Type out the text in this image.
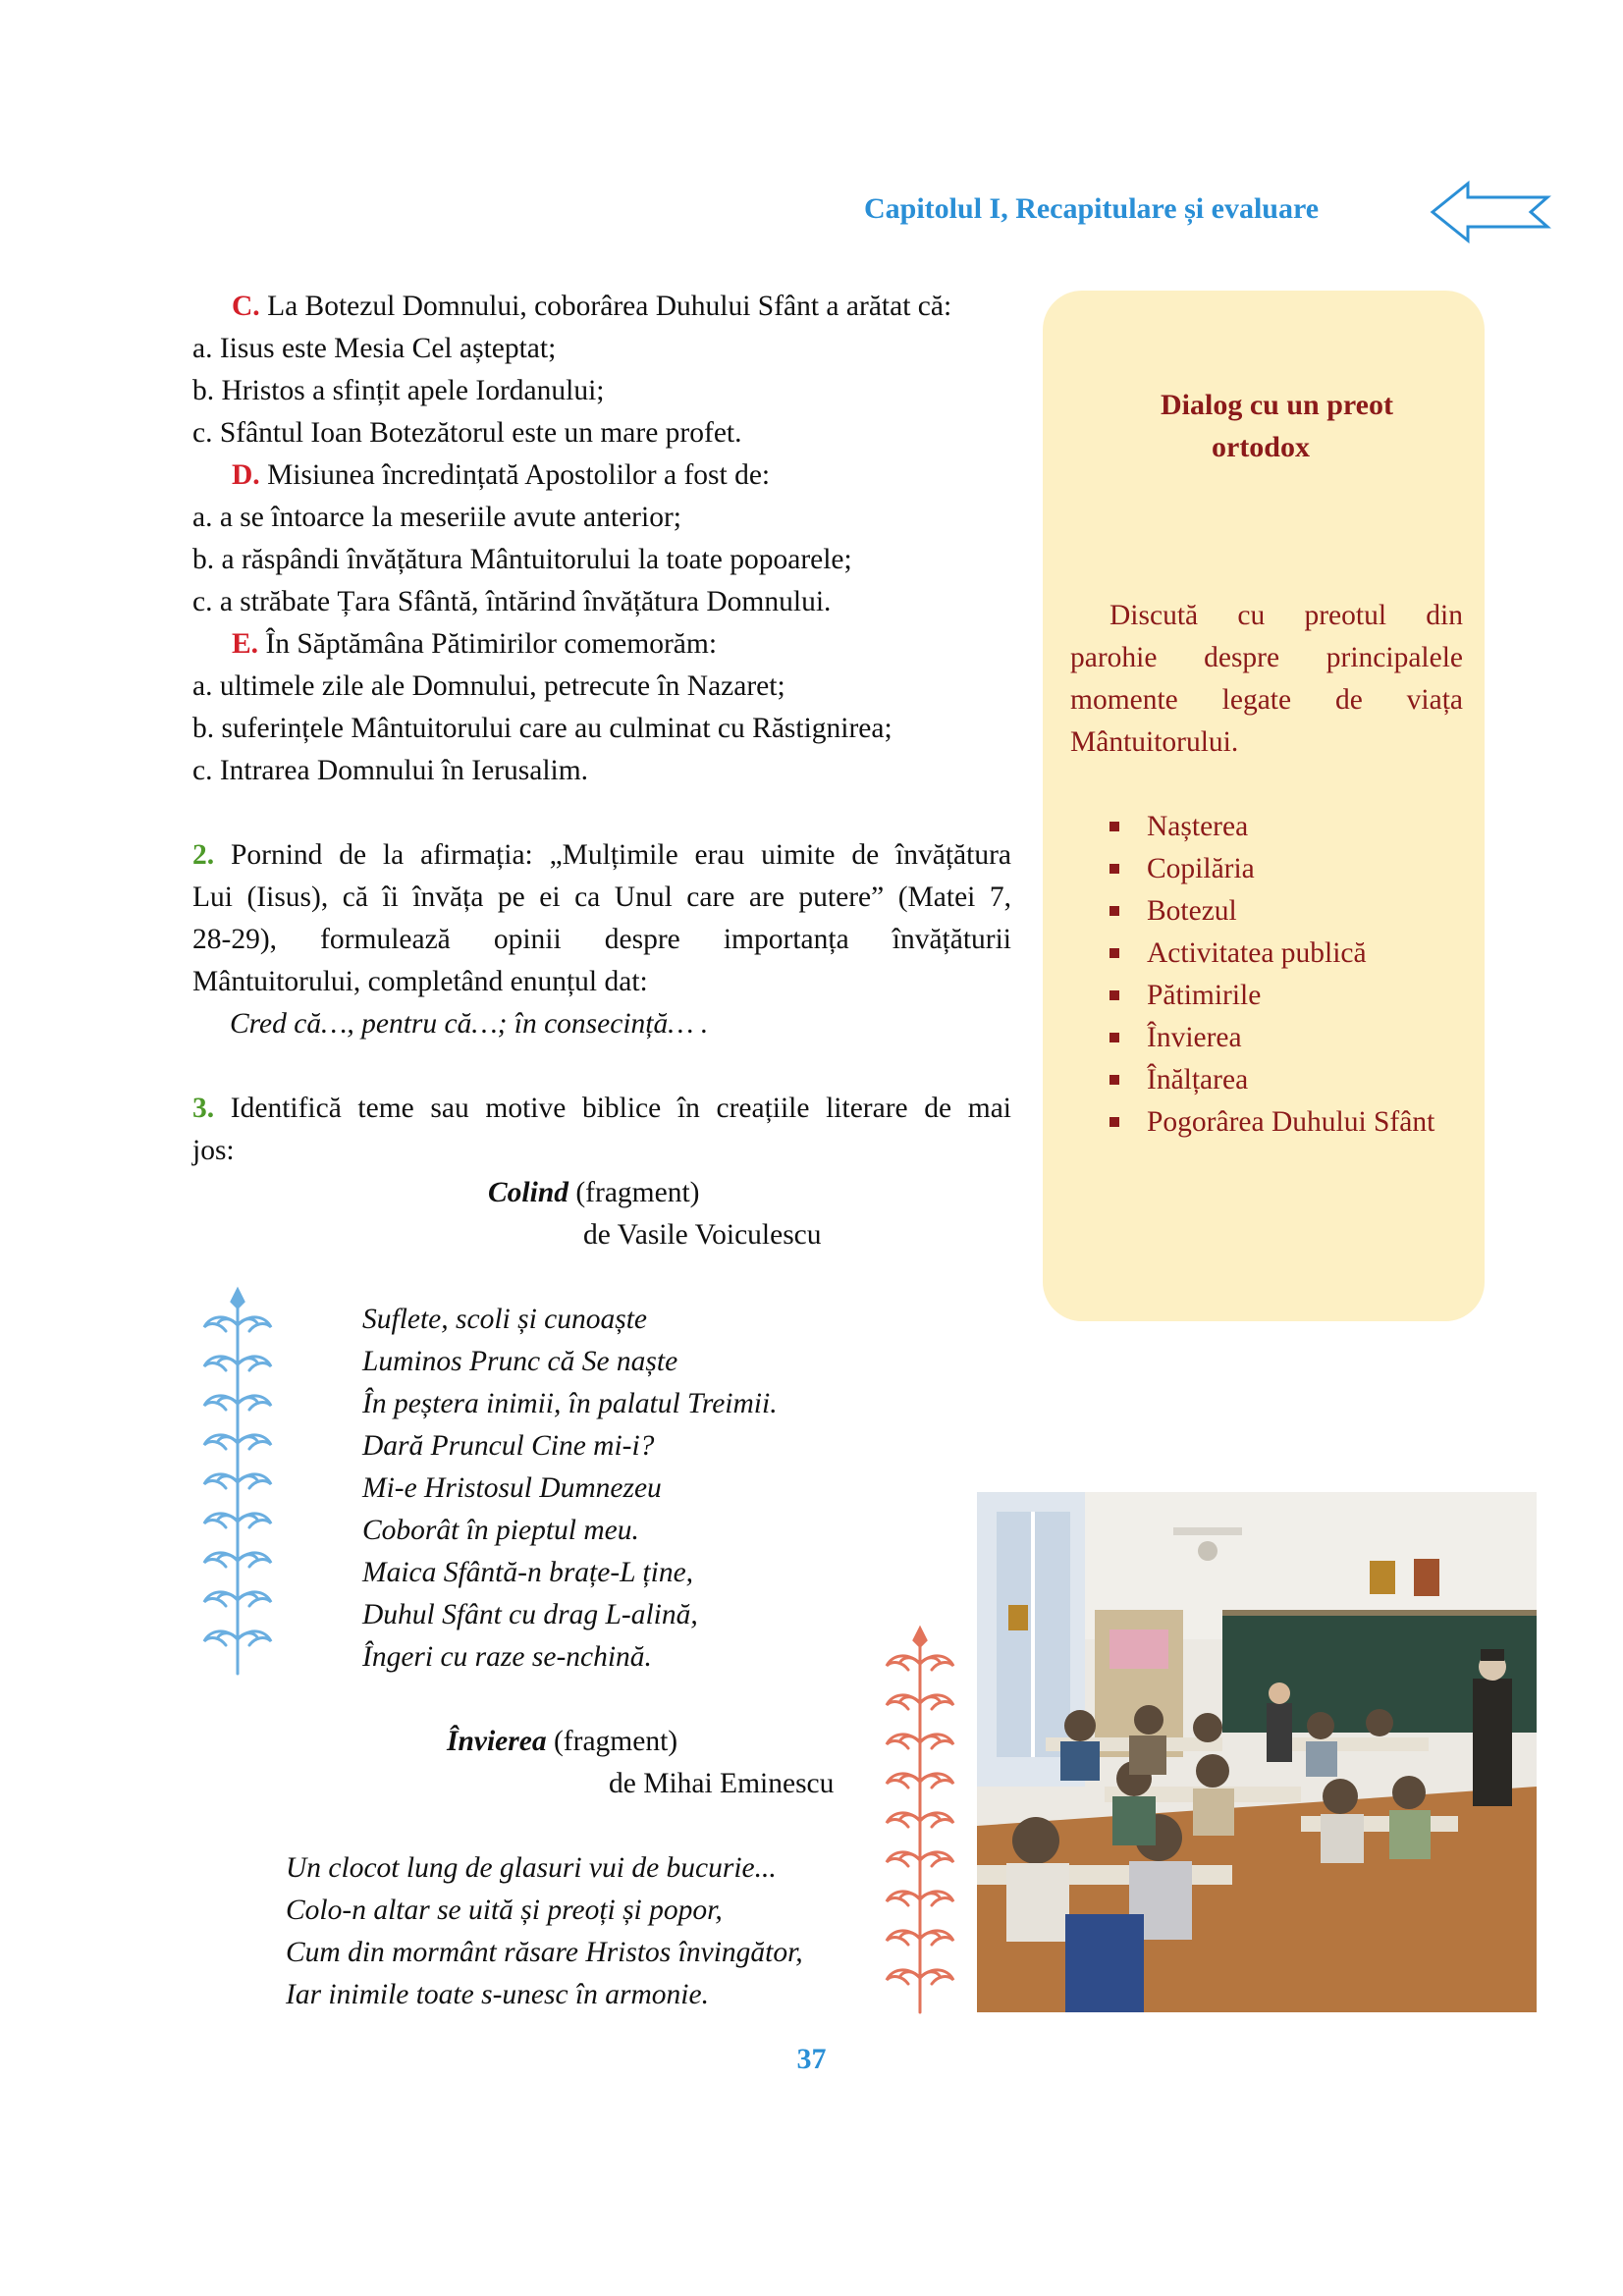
Capitolul I, Recapitulare și evaluare
C. La Botezul Domnului, coborârea Duhului Sfânt a arătat că:
a. Iisus este Mesia Cel așteptat;
b. Hristos a sfințit apele Iordanului;
c. Sfântul Ioan Botezătorul este un mare profet.
D. Misiunea încredințată Apostolilor a fost de:
a. a se întoarce la meseriile avute anterior;
b. a răspândi învățătura Mântuitorului la toate popoarele;
c. a străbate Țara Sfântă, întărind învățătura Domnului.
E. În Săptămâna Pătimirilor comemorăm:
a. ultimele zile ale Domnului, petrecute în Nazaret;
b. suferințele Mântuitorului care au culminat cu Răstignirea;
c. Intrarea Domnului în Ierusalim.
2. Pornind de la afirmația: „Mulțimile erau uimite de învățătura
Lui (Iisus), că îi învăța pe ei ca Unul care are putere” (Matei 7,
28-29), formulează opinii despre importanța învățăturii
Mântuitorului, completând enunțul dat:
Cred că…, pentru că…; în consecință… .
3. Identifică teme sau motive biblice în creațiile literare de mai
jos:
Colind (fragment)
de Vasile Voiculescu
Suflete, scoli și cunoaște
Luminos Prunc că Se naște
În peștera inimii, în palatul Treimii.
Dară Pruncul Cine mi-i?
Mi-e Hristosul Dumnezeu
Coborât în pieptul meu.
Maica Sfântă-n brațe-L ține,
Duhul Sfânt cu drag L-alină,
Îngeri cu raze se-nchină.
Învierea (fragment)
de Mihai Eminescu
Un clocot lung de glasuri vui de bucurie...
Colo-n altar se uită și preoți și popor,
Cum din mormânt răsare Hristos învingător,
Iar inimile toate s-unesc în armonie.
Dialog cu un preot
ortodox
Discută cu preotul din
parohie despre principalele
momente legate de viața
Mântuitorului.
Nașterea
Copilăria
Botezul
Activitatea publică
Pătimirile
Învierea
Înălțarea
Pogorârea Duhului Sfânt
37
